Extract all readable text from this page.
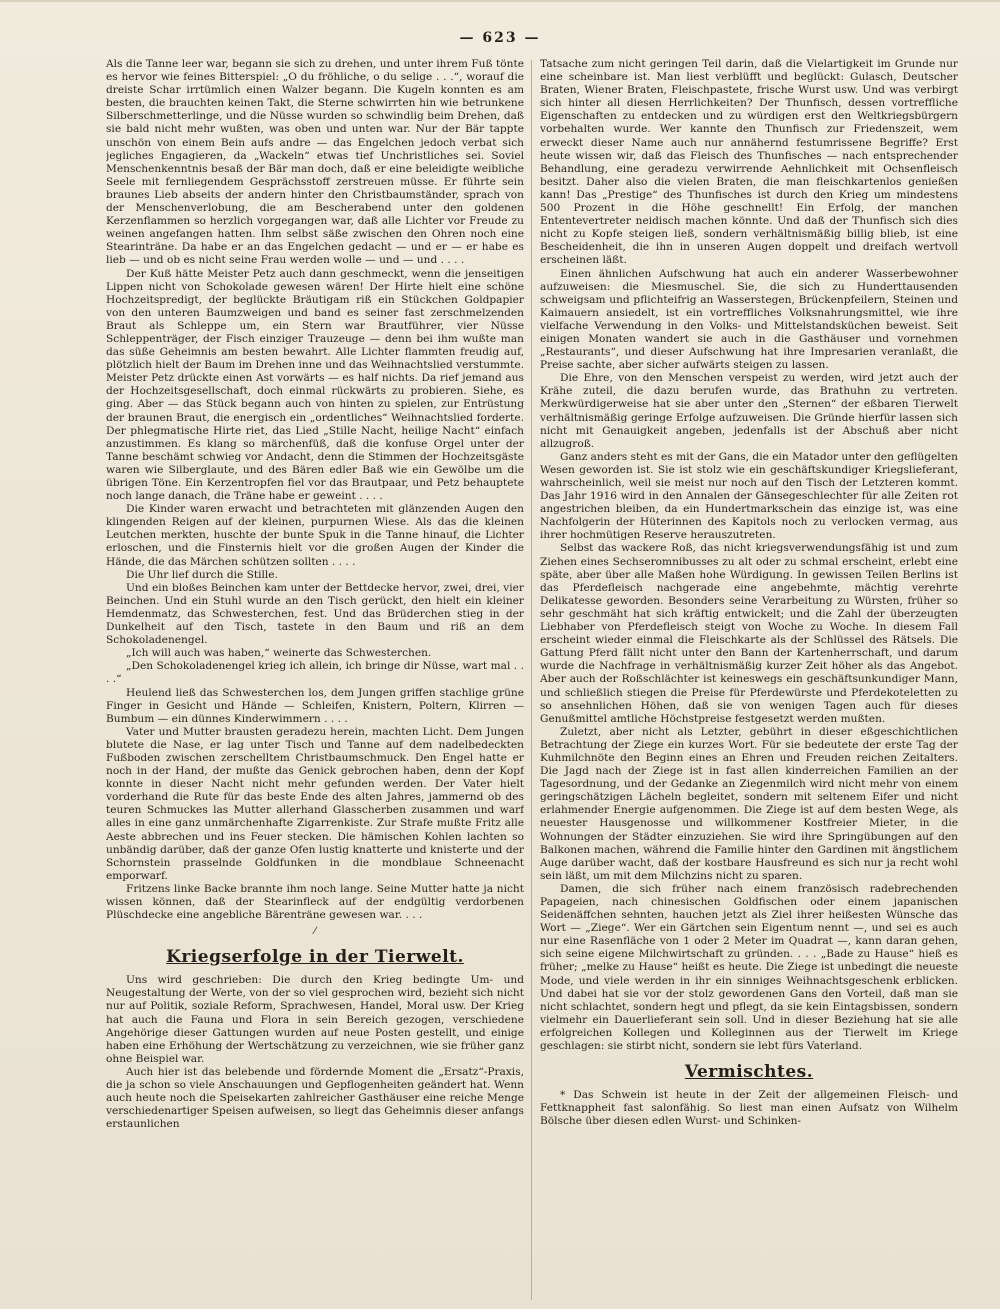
— 623 —

Als die Tanne leer war, begann sie sich zu drehen, und unter ihrem Fuß tönte es hervor wie feines Bitterspiel: „O du fröhliche, o du selige . . .“, worauf die dreiste Schar irrtümlich einen Walzer begann. Die Kugeln konnten es am besten, die brauchten keinen Takt, die Sterne schwirrten hin wie betrunkene Silberschmetterlinge, und die Nüsse wurden so schwindlig beim Drehen, daß sie bald nicht mehr wußten, was oben und unten war. Nur der Bär tappte unschön von einem Bein aufs andre — das Engelchen jedoch verbat sich jegliches Engagieren, da „Wackeln“ etwas tief Unchristliches sei. Soviel Menschenkenntnis besaß der Bär man doch, daß er eine beleidigte weibliche Seele mit fernliegendem Gesprächsstoff zerstreuen müsse. Er führte sein braunes Lieb abseits der andern hinter den Christbaumständer, sprach von der Menschenverlobung, die am Bescherabend unter den goldenen Kerzenflammen so herzlich vorgegangen war, daß alle Lichter vor Freude zu weinen angefangen hatten. Ihm selbst säße zwischen den Ohren noch eine Stearinträne. Da habe er an das Engelchen gedacht — und er — er habe es lieb — und ob es nicht seine Frau werden wolle — und — und . . . .

Der Kuß hätte Meister Petz auch dann geschmeckt, wenn die jenseitigen Lippen nicht von Schokolade gewesen wären! Der Hirte hielt eine schöne Hochzeitspredigt, der beglückte Bräutigam riß ein Stückchen Goldpapier von den unteren Baumzweigen und band es seiner fast zerschmelzenden Braut als Schleppe um, ein Stern war Brautführer, vier Nüsse Schleppenträger, der Fisch einziger Trauzeuge — denn bei ihm wußte man das süße Geheimnis am besten bewahrt. Alle Lichter flammten freudig auf, plötzlich hielt der Baum im Drehen inne und das Weihnachtslied verstummte. Meister Petz drückte einen Ast vorwärts — es half nichts. Da rief jemand aus der Hochzeitsgesellschaft, doch einmal rückwärts zu probieren. Siehe, es ging. Aber — das Stück begann auch von hinten zu spielen, zur Entrüstung der braunen Braut, die energisch ein „ordentliches“ Weihnachtslied forderte. Der phlegmatische Hirte riet, das Lied „Stille Nacht, heilige Nacht“ einfach anzustimmen. Es klang so märchenfüß, daß die konfuse Orgel unter der Tanne beschämt schwieg vor Andacht, denn die Stimmen der Hochzeitsgäste waren wie Silberglaute, und des Bären edler Baß wie ein Gewölbe um die übrigen Töne. Ein Kerzentropfen fiel vor das Brautpaar, und Petz behauptete noch lange danach, die Träne habe er geweint . . . .

Die Kinder waren erwacht und betrachteten mit glänzenden Augen den klingenden Reigen auf der kleinen, purpurnen Wiese. Als das die kleinen Leutchen merkten, huschte der bunte Spuk in die Tanne hinauf, die Lichter erloschen, und die Finsternis hielt vor die großen Augen der Kinder die Hände, die das Märchen schützen sollten . . . .

Die Uhr lief durch die Stille.

Und ein bloßes Beinchen kam unter der Bettdecke hervor, zwei, drei, vier Beinchen. Und ein Stuhl wurde an den Tisch gerückt, den hielt ein kleiner Hemdenmatz, das Schwesterchen, fest. Und das Brüderchen stieg in der Dunkelheit auf den Tisch, tastete in den Baum und riß an dem Schokoladenengel.

„Ich will auch was haben,“ weinerte das Schwesterchen.

„Den Schokoladenengel krieg ich allein, ich bringe dir Nüsse, wart mal . . . .“

Heulend ließ das Schwesterchen los, dem Jungen griffen stachlige grüne Finger in Gesicht und Hände — Schleifen, Knistern, Poltern, Klirren — Bumbum — ein dünnes Kinderwimmern . . . .

Vater und Mutter brausten geradezu herein, machten Licht. Dem Jungen blutete die Nase, er lag unter Tisch und Tanne auf dem nadelbedeckten Fußboden zwischen zerschelltem Christbaumschmuck. Den Engel hatte er noch in der Hand, der mußte das Genick gebrochen haben, denn der Kopf konnte in dieser Nacht nicht mehr gefunden werden. Der Vater hielt vorderhand die Rute für das beste Ende des alten Jahres, jammernd ob des teuren Schmuckes las Mutter allerhand Glasscherben zusammen und warf alles in eine ganz unmärchenhafte Zigarrenkiste. Zur Strafe mußte Fritz alle Aeste abbrechen und ins Feuer stecken. Die hämischen Kohlen lachten so unbändig darüber, daß der ganze Ofen lustig knatterte und knisterte und der Schornstein prasselnde Goldfunken in die mondblaue Schneenacht emporwarf.

Fritzens linke Backe brannte ihm noch lange. Seine Mutter hatte ja nicht wissen können, daß der Stearinfleck auf der endgültig verdorbenen Plüschdecke eine angebliche Bärenträne gewesen war. . . .

⁄
Kriegserfolge in der Tierwelt.

Uns wird geschrieben: Die durch den Krieg bedingte Um- und Neugestaltung der Werte, von der so viel gesprochen wird, bezieht sich nicht nur auf Politik, soziale Reform, Sprachwesen, Handel, Moral usw. Der Krieg hat auch die Fauna und Flora in sein Bereich gezogen, verschiedene Angehörige dieser Gattungen wurden auf neue Posten gestellt, und einige haben eine Erhöhung der Wertschätzung zu verzeichnen, wie sie früher ganz ohne Beispiel war.

Auch hier ist das belebende und fördernde Moment die „Ersatz“-Praxis, die ja schon so viele Anschauungen und Gepflogenheiten geändert hat. Wenn auch heute noch die Speisekarten zahlreicher Gasthäuser eine reiche Menge verschiedenartiger Speisen aufweisen, so liegt das Geheimnis dieser anfangs erstaunlichen

Tatsache zum nicht geringen Teil darin, daß die Vielartigkeit im Grunde nur eine scheinbare ist. Man liest verblüfft und beglückt: Gulasch, Deutscher Braten, Wiener Braten, Fleischpastete, frische Wurst usw. Und was verbirgt sich hinter all diesen Herrlichkeiten? Der Thunfisch, dessen vortreffliche Eigenschaften zu entdecken und zu würdigen erst den Weltkriegsbürgern vorbehalten wurde. Wer kannte den Thunfisch zur Friedenszeit, wem erweckt dieser Name auch nur annähernd festumrissene Begriffe? Erst heute wissen wir, daß das Fleisch des Thunfisches — nach entsprechender Behandlung, eine geradezu verwirrende Aehnlichkeit mit Ochsenfleisch besitzt. Daher also die vielen Braten, die man fleischkartenlos genießen kann! Das „Prestige“ des Thunfisches ist durch den Krieg um mindestens 500 Prozent in die Höhe geschnellt! Ein Erfolg, der manchen Ententevertreter neidisch machen könnte. Und daß der Thunfisch sich dies nicht zu Kopfe steigen ließ, sondern verhältnismäßig billig blieb, ist eine Bescheidenheit, die ihn in unseren Augen doppelt und dreifach wertvoll erscheinen läßt.

Einen ähnlichen Aufschwung hat auch ein anderer Wasserbewohner aufzuweisen: die Miesmuschel. Sie, die sich zu Hunderttausenden schweigsam und pflichteifrig an Wasserstegen, Brückenpfeilern, Steinen und Kaimauern ansiedelt, ist ein vortreffliches Volksnahrungsmittel, wie ihre vielfache Verwendung in den Volks- und Mittelstandsküchen beweist. Seit einigen Monaten wandert sie auch in die Gasthäuser und vornehmen „Restaurants“, und dieser Aufschwung hat ihre Impresarien veranlaßt, die Preise sachte, aber sicher aufwärts steigen zu lassen.

Die Ehre, von den Menschen verspeist zu werden, wird jetzt auch der Krähe zuteil, die dazu berufen wurde, das Brathuhn zu vertreten. Merkwürdigerweise hat sie aber unter den „Sternen“ der eßbaren Tierwelt verhältnismäßig geringe Erfolge aufzuweisen. Die Gründe hierfür lassen sich nicht mit Genauigkeit angeben, jedenfalls ist der Abschuß aber nicht allzugroß.

Ganz anders steht es mit der Gans, die ein Matador unter den geflügelten Wesen geworden ist. Sie ist stolz wie ein geschäftskundiger Kriegslieferant, wahrscheinlich, weil sie meist nur noch auf den Tisch der Letzteren kommt. Das Jahr 1916 wird in den Annalen der Gänsegeschlechter für alle Zeiten rot angestrichen bleiben, da ein Hundertmarkschein das einzige ist, was eine Nachfolgerin der Hüterinnen des Kapitols noch zu verlocken vermag, aus ihrer hochmütigen Reserve herauszutreten.

Selbst das wackere Roß, das nicht kriegsverwendungsfähig ist und zum Ziehen eines Sechseromnibusses zu alt oder zu schmal erscheint, erlebt eine späte, aber über alle Maßen hohe Würdigung. In gewissen Teilen Berlins ist das Pferdefleisch nachgerade eine angebehmte, mächtig verehrte Delikatesse geworden. Besonders seine Verarbeitung zu Würsten, früher so sehr geschmäht hat sich kräftig entwickelt; und die Zahl der überzeugten Liebhaber von Pferdefleisch steigt von Woche zu Woche. In diesem Fall erscheint wieder einmal die Fleischkarte als der Schlüssel des Rätsels. Die Gattung Pferd fällt nicht unter den Bann der Kartenherrschaft, und darum wurde die Nachfrage in verhältnismäßig kurzer Zeit höher als das Angebot. Aber auch der Roßschlächter ist keineswegs ein geschäftsunkundiger Mann, und schließlich stiegen die Preise für Pferdewürste und Pferdekoteletten zu so ansehnlichen Höhen, daß sie von wenigen Tagen auch für dieses Genußmittel amtliche Höchstpreise festgesetzt werden mußten.

Zuletzt, aber nicht als Letzter, gebührt in dieser eßgeschichtlichen Betrachtung der Ziege ein kurzes Wort. Für sie bedeutete der erste Tag der Kuhmilchnöte den Beginn eines an Ehren und Freuden reichen Zeitalters. Die Jagd nach der Ziege ist in fast allen kinderreichen Familien an der Tagesordnung, und der Gedanke an Ziegenmilch wird nicht mehr von einem geringschätzigen Lächeln begleitet, sondern mit seltenem Eifer und nicht erlahmender Energie aufgenommen. Die Ziege ist auf dem besten Wege, als neuester Hausgenosse und willkommener Kostfreier Mieter, in die Wohnungen der Städter einzuziehen. Sie wird ihre Springübungen auf den Balkonen machen, während die Familie hinter den Gardinen mit ängstlichem Auge darüber wacht, daß der kostbare Hausfreund es sich nur ja recht wohl sein läßt, um mit dem Milchzins nicht zu sparen.

Damen, die sich früher nach einem französisch radebrechenden Papageien, nach chinesischen Goldfischen oder einem japanischen Seidenäffchen sehnten, hauchen jetzt als Ziel ihrer heißesten Wünsche das Wort — „Ziege“. Wer ein Gärtchen sein Eigentum nennt —, und sei es auch nur eine Rasenfläche von 1 oder 2 Meter im Quadrat —, kann daran gehen, sich seine eigene Milchwirtschaft zu gründen. . . . „Bade zu Hause“ hieß es früher; „melke zu Hause“ heißt es heute. Die Ziege ist unbedingt die neueste Mode, und viele werden in ihr ein sinniges Weihnachtsgeschenk erblicken. Und dabei hat sie vor der stolz gewordenen Gans den Vorteil, daß man sie nicht schlachtet, sondern hegt und pflegt, da sie kein Eintagsbissen, sondern vielmehr ein Dauerlieferant sein soll. Und in dieser Beziehung hat sie alle erfolgreichen Kollegen und Kolleginnen aus der Tierwelt im Kriege geschlagen: sie stirbt nicht, sondern sie lebt fürs Vaterland.

Vermischtes.

* Das Schwein ist heute in der Zeit der allgemeinen Fleisch- und Fettknappheit fast salonfähig. So liest man einen Aufsatz von Wilhelm Bölsche über diesen edlen Wurst- und Schinken-
